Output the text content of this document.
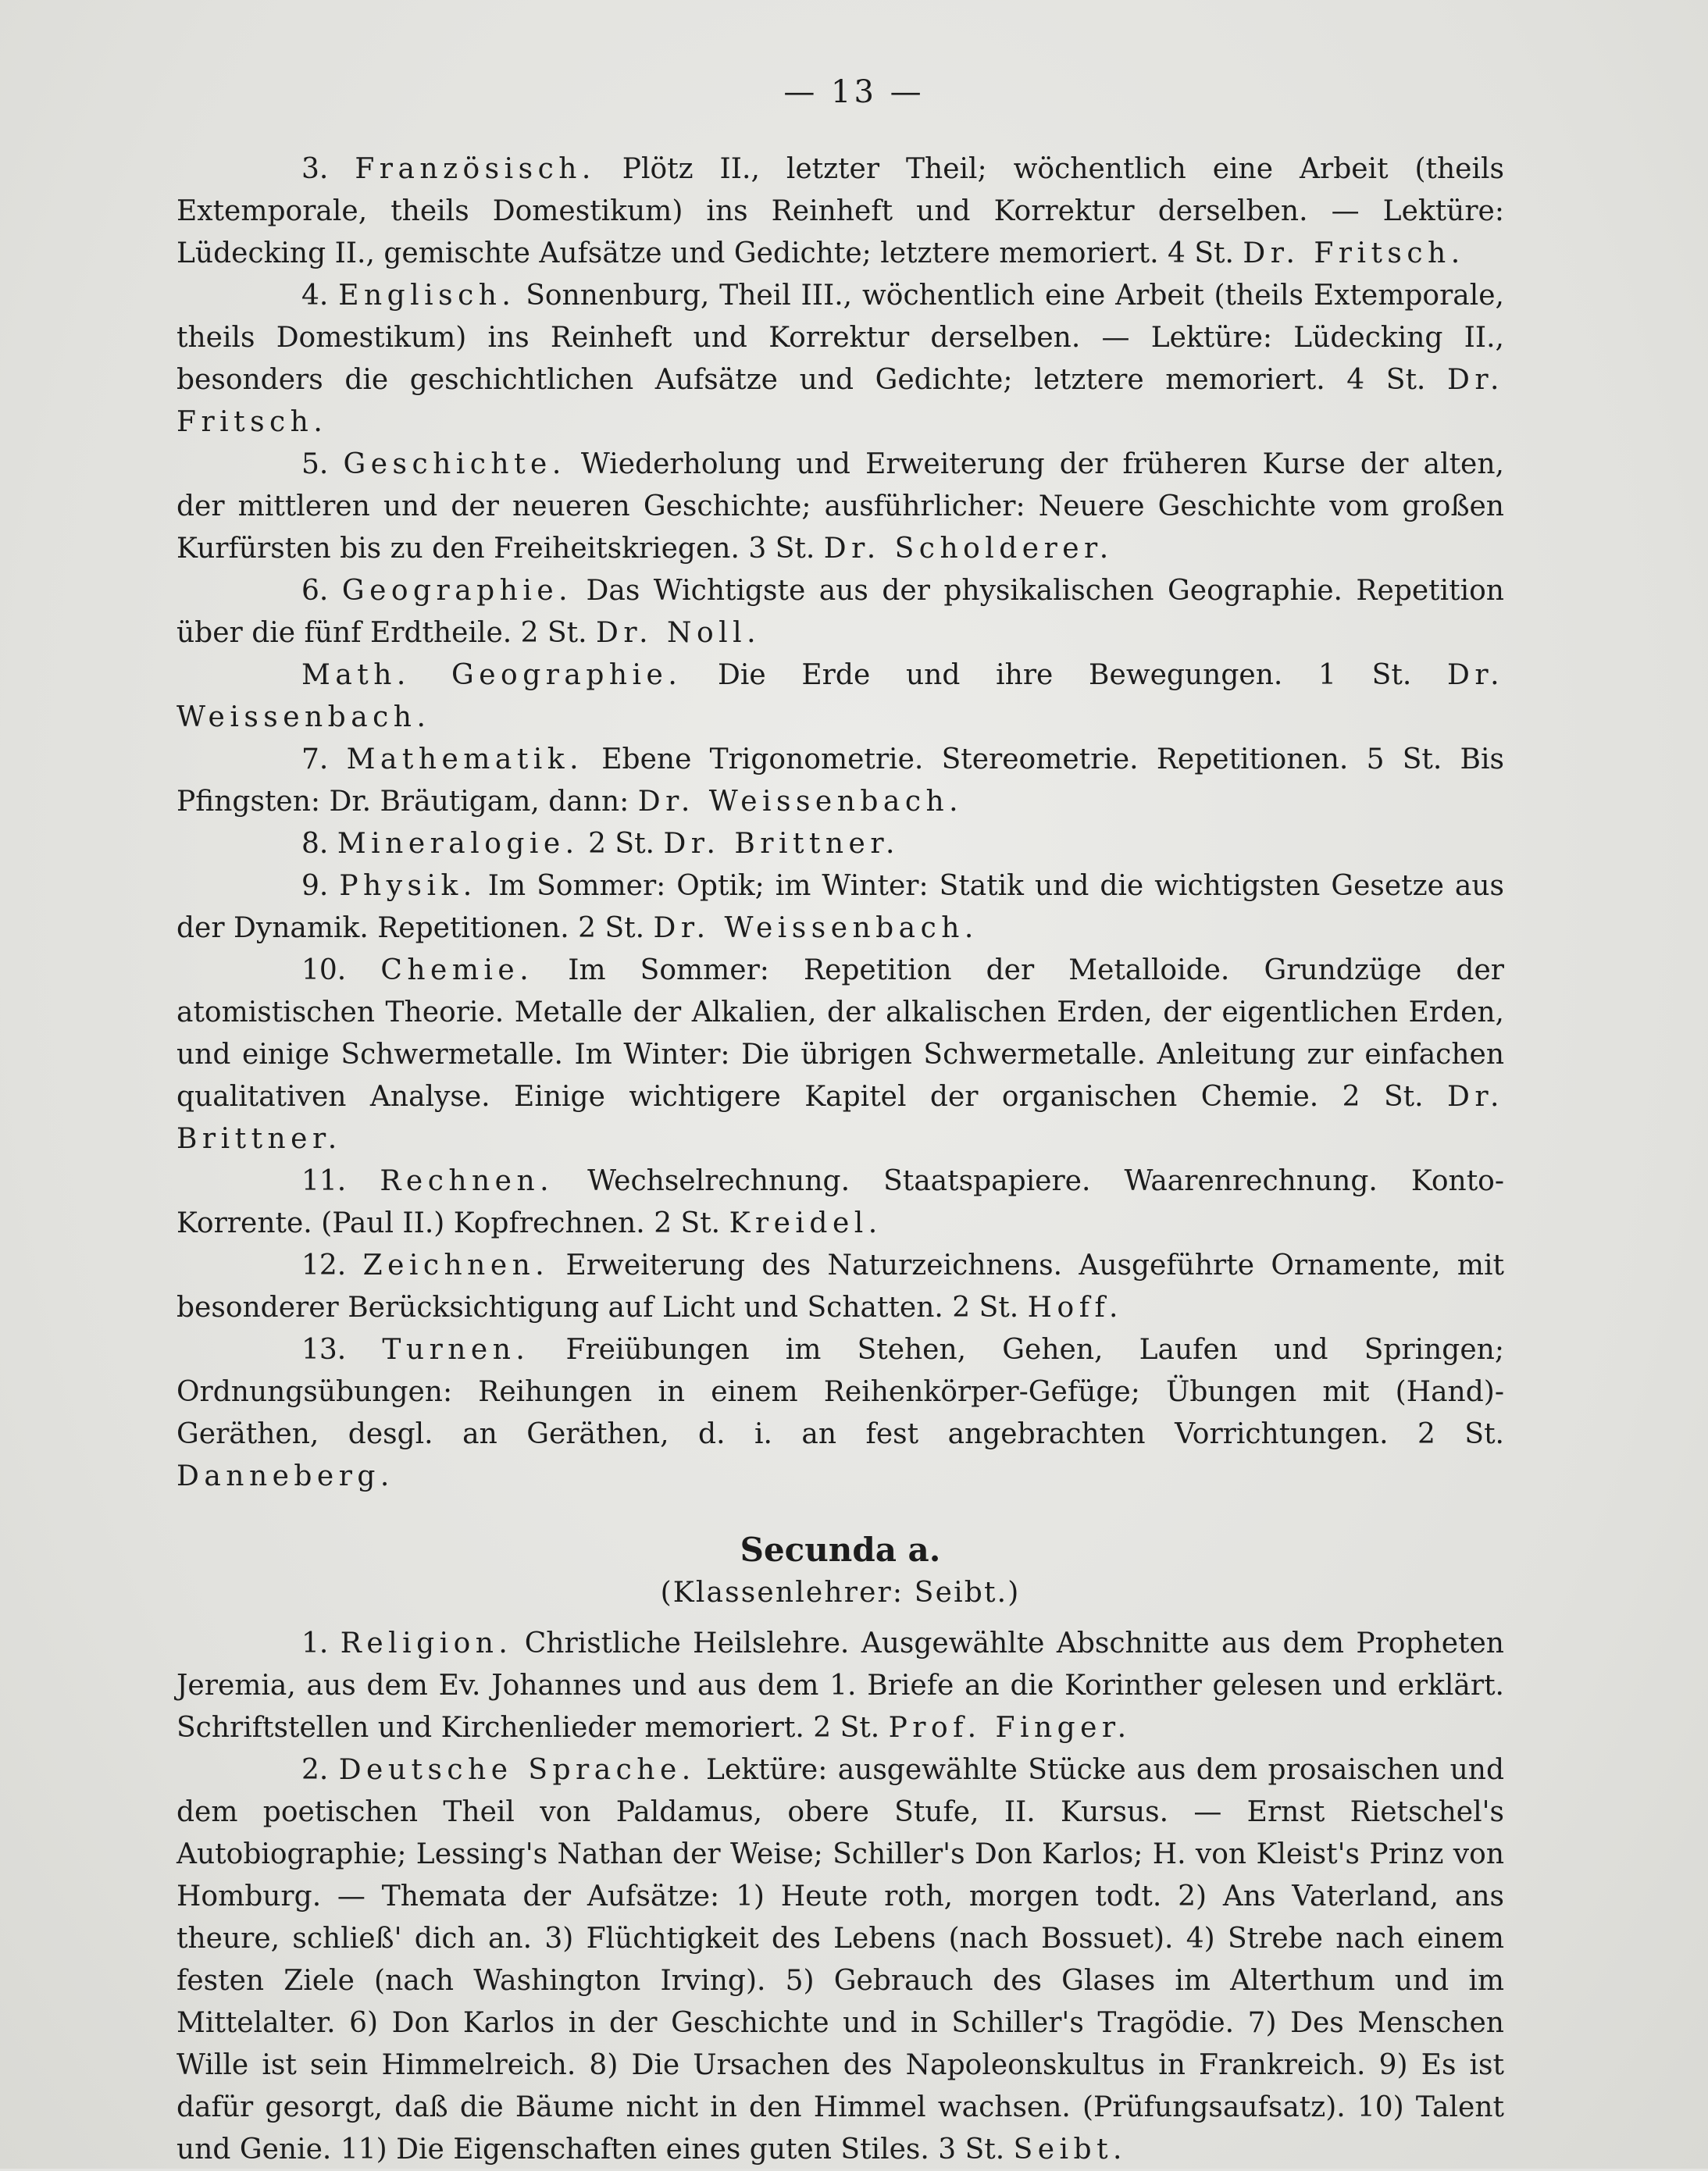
— 13 —

3. Französisch. Plötz II., letzter Theil; wöchentlich eine Arbeit (theils Extemporale, theils Domestikum) ins Reinheft und Korrektur derselben. — Lektüre: Lüdecking II., gemischte Aufsätze und Gedichte; letztere memoriert. 4 St. Dr. Fritsch.

4. Englisch. Sonnenburg, Theil III., wöchentlich eine Arbeit (theils Extemporale, theils Domestikum) ins Reinheft und Korrektur derselben. — Lektüre: Lüdecking II., besonders die geschichtlichen Aufsätze und Gedichte; letztere memoriert. 4 St. Dr. Fritsch.

5. Geschichte. Wiederholung und Erweiterung der früheren Kurse der alten, der mittleren und der neueren Geschichte; ausführlicher: Neuere Geschichte vom großen Kurfürsten bis zu den Freiheitskriegen. 3 St. Dr. Scholderer.

6. Geographie. Das Wichtigste aus der physikalischen Geographie. Repetition über die fünf Erdtheile. 2 St. Dr. Noll.

Math. Geographie. Die Erde und ihre Bewegungen. 1 St. Dr. Weissenbach.

7. Mathematik. Ebene Trigonometrie. Stereometrie. Repetitionen. 5 St. Bis Pfingsten: Dr. Bräutigam, dann: Dr. Weissenbach.

8. Mineralogie. 2 St. Dr. Brittner.

9. Physik. Im Sommer: Optik; im Winter: Statik und die wichtigsten Gesetze aus der Dynamik. Repetitionen. 2 St. Dr. Weissenbach.

10. Chemie. Im Sommer: Repetition der Metalloide. Grundzüge der atomistischen Theorie. Metalle der Alkalien, der alkalischen Erden, der eigentlichen Erden, und einige Schwermetalle. Im Winter: Die übrigen Schwermetalle. Anleitung zur einfachen qualitativen Analyse. Einige wichtigere Kapitel der organischen Chemie. 2 St. Dr. Brittner.

11. Rechnen. Wechselrechnung. Staatspapiere. Waarenrechnung. Konto-Korrente. (Paul II.) Kopfrechnen. 2 St. Kreidel.

12. Zeichnen. Erweiterung des Naturzeichnens. Ausgeführte Ornamente, mit besonderer Berücksichtigung auf Licht und Schatten. 2 St. Hoff.

13. Turnen. Freiübungen im Stehen, Gehen, Laufen und Springen; Ordnungsübungen: Reihungen in einem Reihenkörper-Gefüge; Übungen mit (Hand)-Geräthen, desgl. an Geräthen, d. i. an fest angebrachten Vorrichtungen. 2 St. Danneberg.

Secunda a.
(Klassenlehrer: Seibt.)

1. Religion. Christliche Heilslehre. Ausgewählte Abschnitte aus dem Propheten Jeremia, aus dem Ev. Johannes und aus dem 1. Briefe an die Korinther gelesen und erklärt. Schriftstellen und Kirchenlieder memoriert. 2 St. Prof. Finger.

2. Deutsche Sprache. Lektüre: ausgewählte Stücke aus dem prosaischen und dem poetischen Theil von Paldamus, obere Stufe, II. Kursus. — Ernst Rietschel's Autobiographie; Lessing's Nathan der Weise; Schiller's Don Karlos; H. von Kleist's Prinz von Homburg. — Themata der Aufsätze: 1) Heute roth, morgen todt. 2) Ans Vaterland, ans theure, schließ' dich an. 3) Flüchtigkeit des Lebens (nach Bossuet). 4) Strebe nach einem festen Ziele (nach Washington Irving). 5) Gebrauch des Glases im Alterthum und im Mittelalter. 6) Don Karlos in der Geschichte und in Schiller's Tragödie. 7) Des Menschen Wille ist sein Himmelreich. 8) Die Ursachen des Napoleonskultus in Frankreich. 9) Es ist dafür gesorgt, daß die Bäume nicht in den Himmel wachsen. (Prüfungsaufsatz). 10) Talent und Genie. 11) Die Eigenschaften eines guten Stiles. 3 St. Seibt.
